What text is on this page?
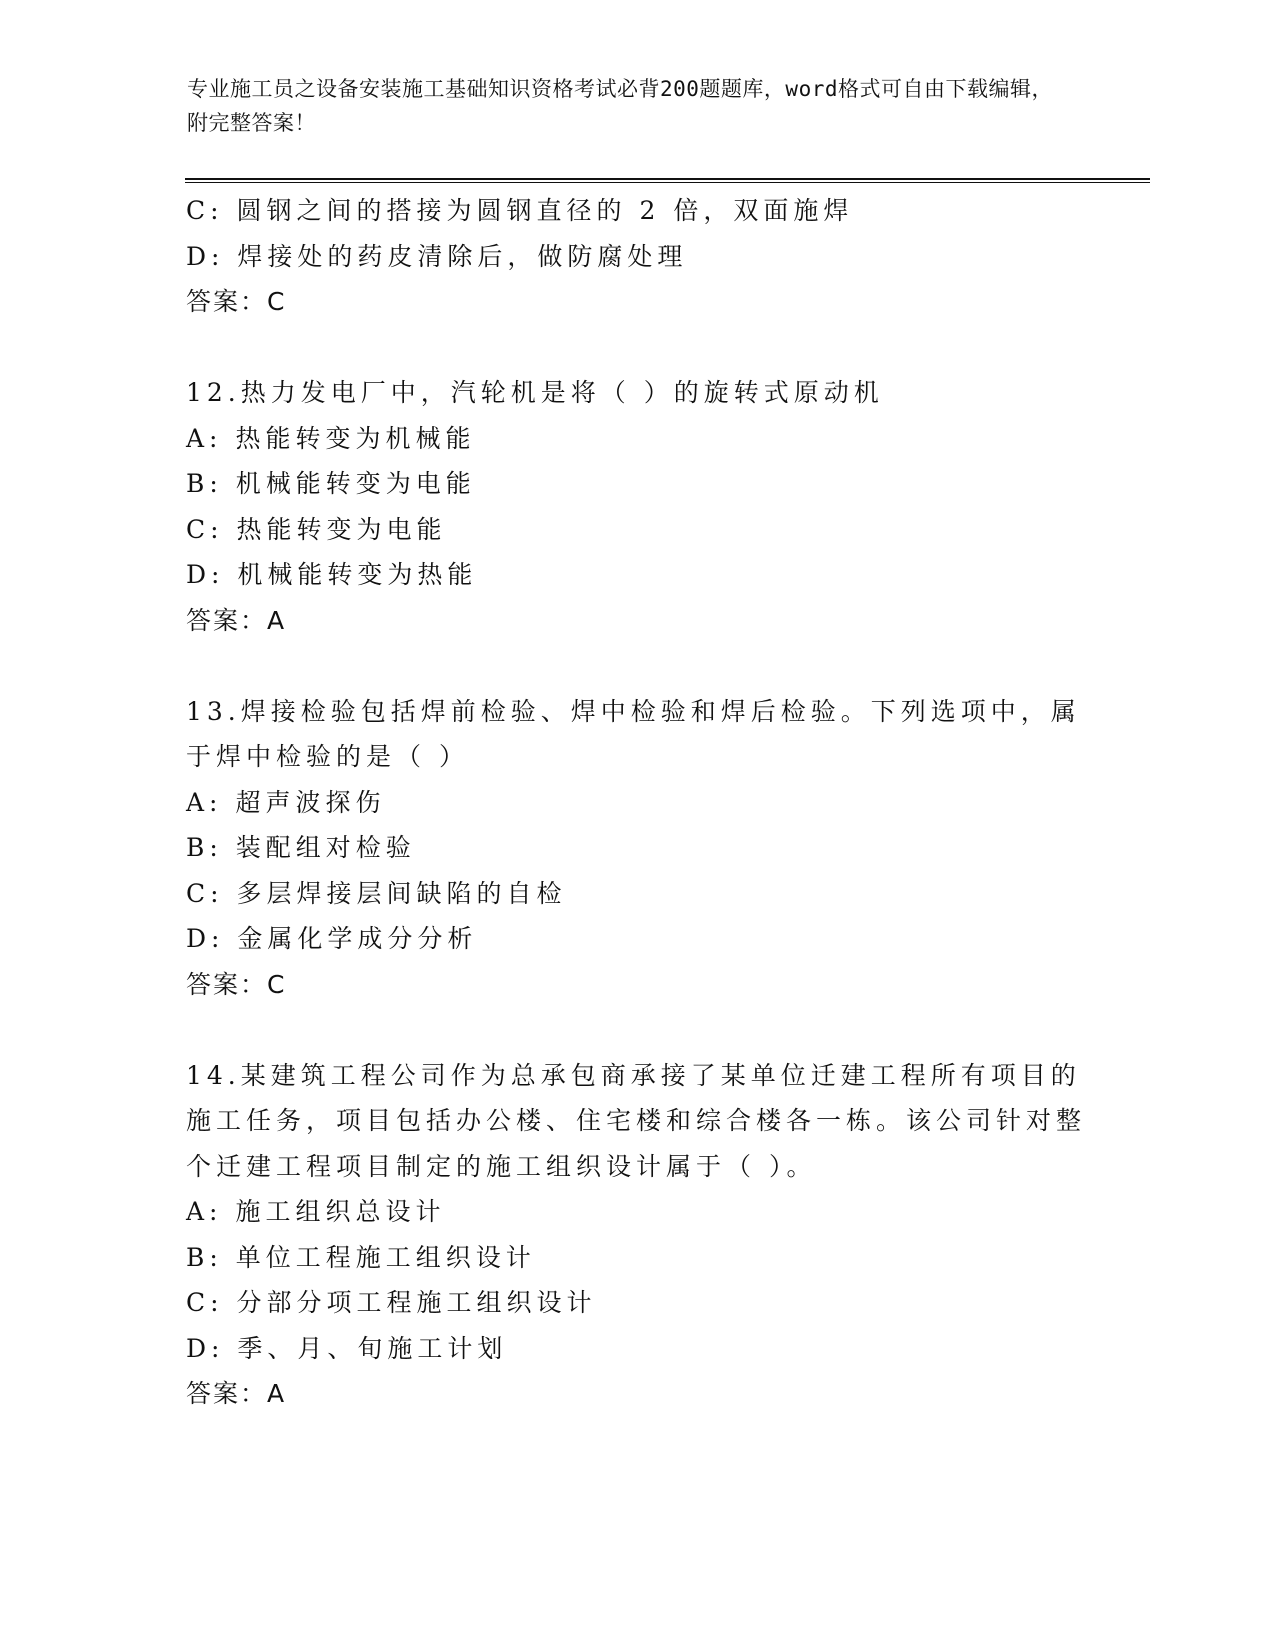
专业施工员之设备安装施工基础知识资格考试必背200题题库，word格式可自由下载编辑，附完整答案！
C: 圆钢之间的搭接为圆钢直径的 2 倍，双面施焊
D: 焊接处的药皮清除后，做防腐处理
答案：C
12.热力发电厂中，汽轮机是将（ ）的旋转式原动机
A: 热能转变为机械能
B: 机械能转变为电能
C: 热能转变为电能
D: 机械能转变为热能
答案：A
13.焊接检验包括焊前检验、焊中检验和焊后检验。下列选项中，属于焊中检验的是（ ）
A: 超声波探伤
B: 装配组对检验
C: 多层焊接层间缺陷的自检
D: 金属化学成分分析
答案：C
14.某建筑工程公司作为总承包商承接了某单位迁建工程所有项目的施工任务，项目包括办公楼、住宅楼和综合楼各一栋。该公司针对整个迁建工程项目制定的施工组织设计属于（ ）。
A: 施工组织总设计
B: 单位工程施工组织设计
C: 分部分项工程施工组织设计
D: 季、月、旬施工计划
答案：A
